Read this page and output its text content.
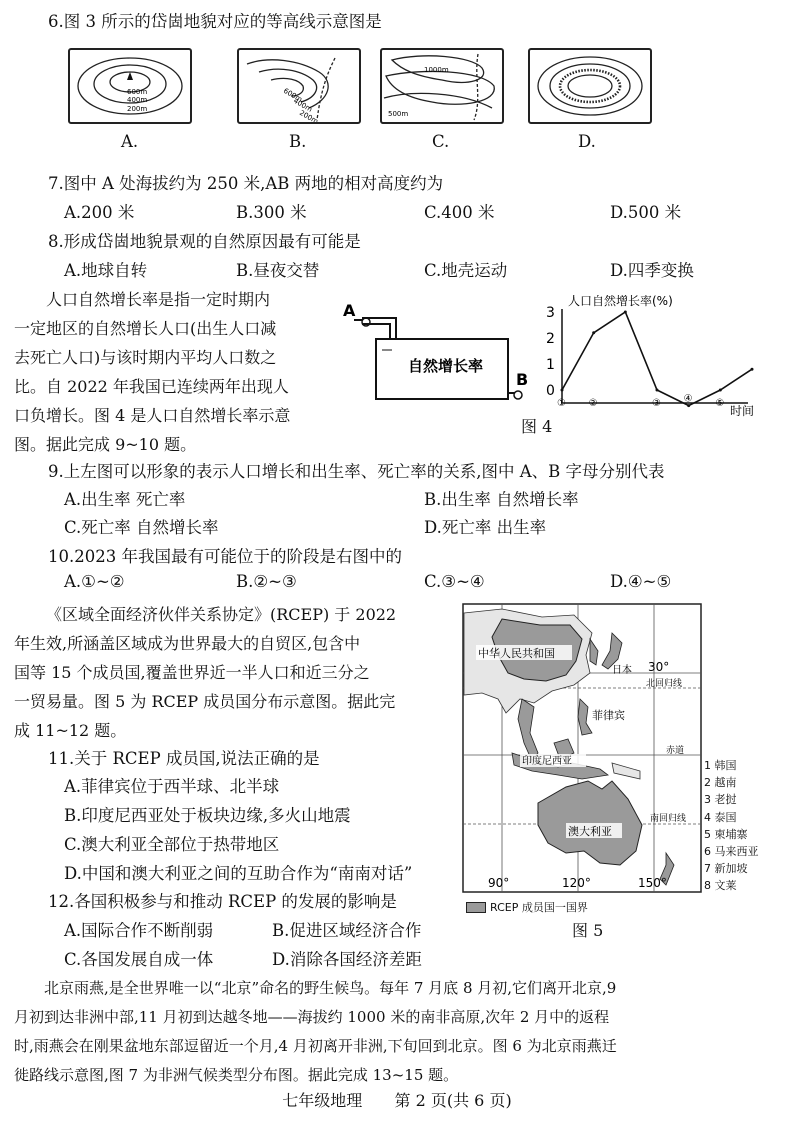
6.图 3 所示的岱崮地貌对应的等高线示意图是
600m
400m
200m
A.
600m
400m
200m
B.
1000m
500m
C.	D.
7.图中 A 处海拔约为 250 米,AB 两地的相对高度约为
A.200 米	B.300 米	C.400 米	D.500 米
8.形成岱崮地貌景观的自然原因最有可能是
A.地球自转	B.昼夜交替	C.地壳运动	D.四季变换
人口自然增长率是指一定时期内
一定地区的自然增长人口(出生人口减
去死亡人口)与该时期内平均人口数之
比。自 2022 年我国已连续两年出现人
口负增长。图 4 是人口自然增长率示意
图。据此完成 9~10 题。
A
自然增长率
B
人口自然增长率(%)
时间
0
1
2
3
① ②	③ ④ ⑤
图 4
9.上左图可以形象的表示人口增长和出生率、死亡率的关系,图中 A、B 字母分别代表
A.出生率 死亡率	B.出生率 自然增长率
C.死亡率 自然增长率	D.死亡率 出生率
10.2023 年我国最有可能位于的阶段是右图中的
A.①~②	B.②~③	C.③~④	D.④~⑤
《区域全面经济伙伴关系协定》(RCEP) 于 2022
年生效,所涵盖区域成为世界最大的自贸区,包含中
国等 15 个成员国,覆盖世界近一半人口和近三分之
一贸易量。图 5 为 RCEP 成员国分布示意图。据此完
成 11~12 题。
中华人民共和国
日本 30°
北回归线
菲律宾
赤道
印度尼西亚
南回归线
澳大利亚
90°	120°	150°
1 韩国
2 越南
3 老挝
4 泰国
5 柬埔寨
6 马来西亚
7 新加坡
8 文莱
RCEP 成员国一国界
图 5
11.关于 RCEP 成员国,说法正确的是
A.菲律宾位于西半球、北半球
B.印度尼西亚处于板块边缘,多火山地震
C.澳大利亚全部位于热带地区
D.中国和澳大利亚之间的互助合作为“南南对话”
12.各国积极参与和推动 RCEP 的发展的影响是
A.国际合作不断削弱	B.促进区域经济合作
C.各国发展自成一体	D.消除各国经济差距
北京雨燕,是全世界唯一以“北京”命名的野生候鸟。每年 7 月底 8 月初,它们离开北京,9
月初到达非洲中部,11 月初到达越冬地——海拔约 1000 米的南非高原,次年 2 月中的返程
时,雨燕会在刚果盆地东部逗留近一个月,4 月初离开非洲,下旬回到北京。图 6 为北京雨燕迁
徙路线示意图,图 7 为非洲气候类型分布图。据此完成 13~15 题。
七年级地理 第 2 页(共 6 页)
